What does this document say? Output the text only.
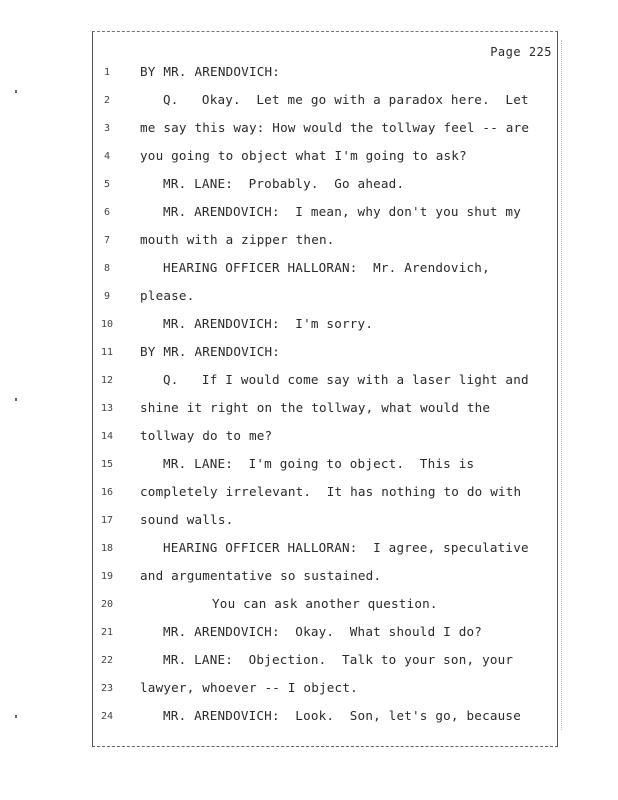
Page 225
1	BY MR. ARENDOVICH:
2	Q.   Okay.  Let me go with a paradox here.  Let
3	me say this way: How would the tollway feel -- are
4	you going to object what I'm going to ask?
5	MR. LANE:  Probably.  Go ahead.
6	MR. ARENDOVICH:  I mean, why don't you shut my
7	mouth with a zipper then.
8	HEARING OFFICER HALLORAN:  Mr. Arendovich,
9	please.
10	MR. ARENDOVICH:  I'm sorry.
11	BY MR. ARENDOVICH:
12	Q.   If I would come say with a laser light and
13	shine it right on the tollway, what would the
14	tollway do to me?
15	MR. LANE:  I'm going to object.  This is
16	completely irrelevant.  It has nothing to do with
17	sound walls.
18	HEARING OFFICER HALLORAN:  I agree, speculative
19	and argumentative so sustained.
20	You can ask another question.
21	MR. ARENDOVICH:  Okay.  What should I do?
22	MR. LANE:  Objection.  Talk to your son, your
23	lawyer, whoever -- I object.
24	MR. ARENDOVICH:  Look.  Son, let's go, because
